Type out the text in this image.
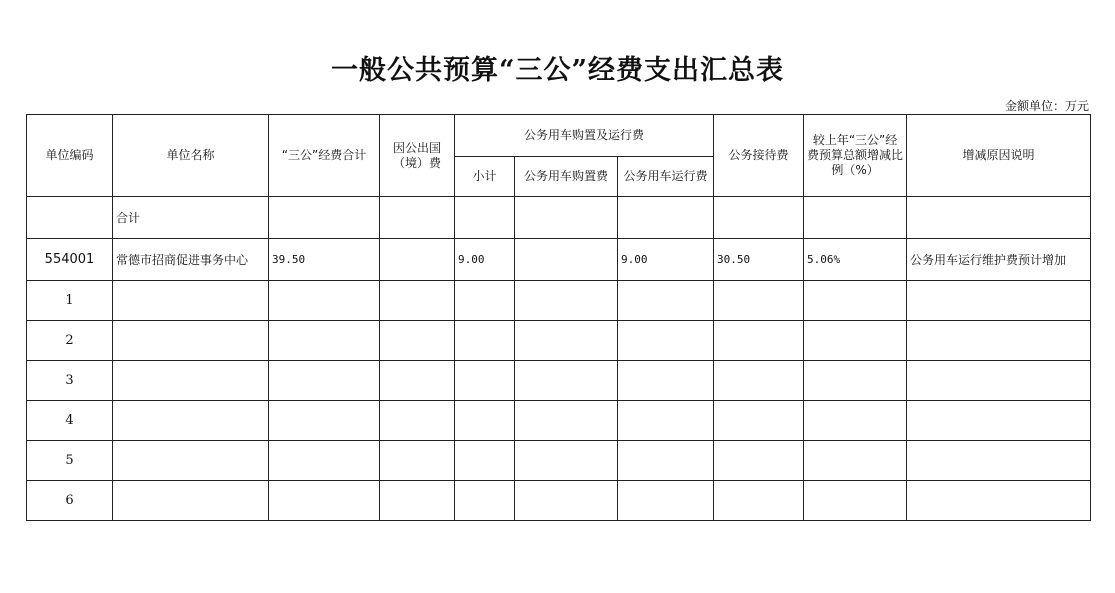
一般公共预算“三公”经费支出汇总表
金额单位：万元
单位编码	单位名称	“三公”经费合计	因公出国（境）费	公务用车购置及运行费			公务接待费	较上年“三公”经费预算总额增减比例（%）	增减原因说明
				小计	公务用车购置费	公务用车运行费			
	合计								
554001	常德市招商促进事务中心	39.50		9.00		9.00	30.50	5.06%	公务用车运行维护费预计增加
1									
2									
3									
4									
5									
6									
